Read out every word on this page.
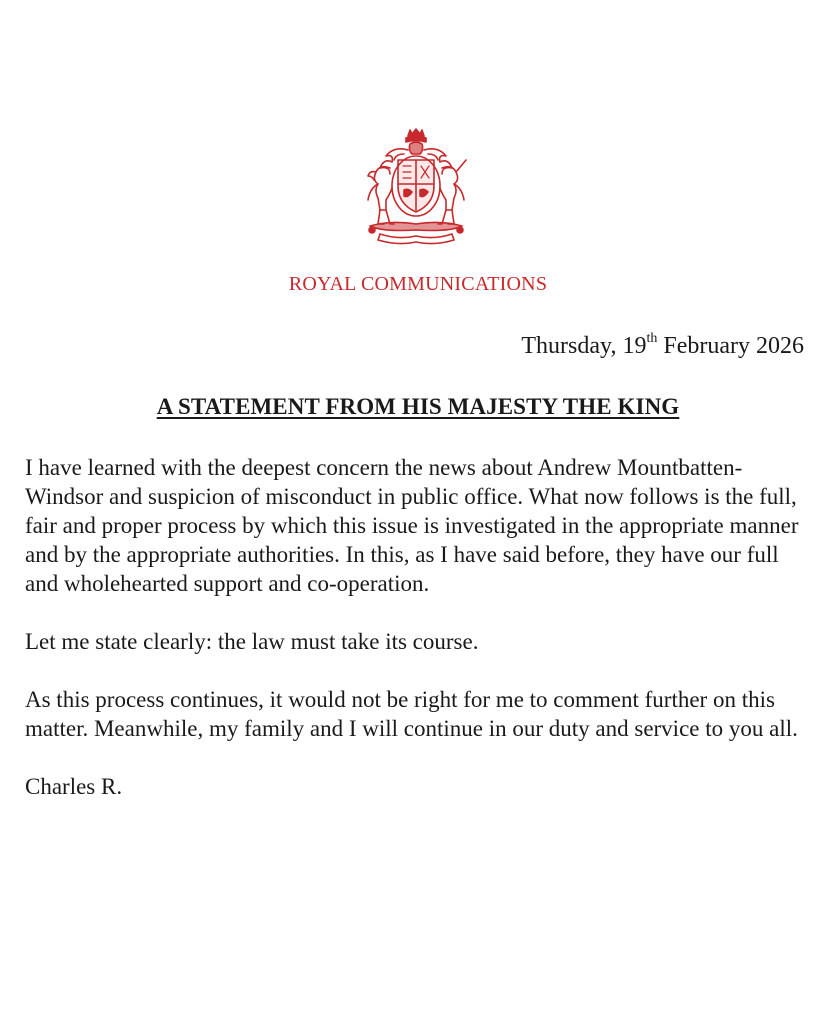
ROYAL COMMUNICATIONS
Thursday, 19th February 2026
A STATEMENT FROM HIS MAJESTY THE KING

I have learned with the deepest concern the news about Andrew Mountbatten-Windsor and suspicion of misconduct in public office. What now follows is the full, fair and proper process by which this issue is investigated in the appropriate manner and by the appropriate authorities. In this, as I have said before, they have our full and wholehearted support and co-operation.

Let me state clearly: the law must take its course.

As this process continues, it would not be right for me to comment further on this matter. Meanwhile, my family and I will continue in our duty and service to you all.

Charles R.
